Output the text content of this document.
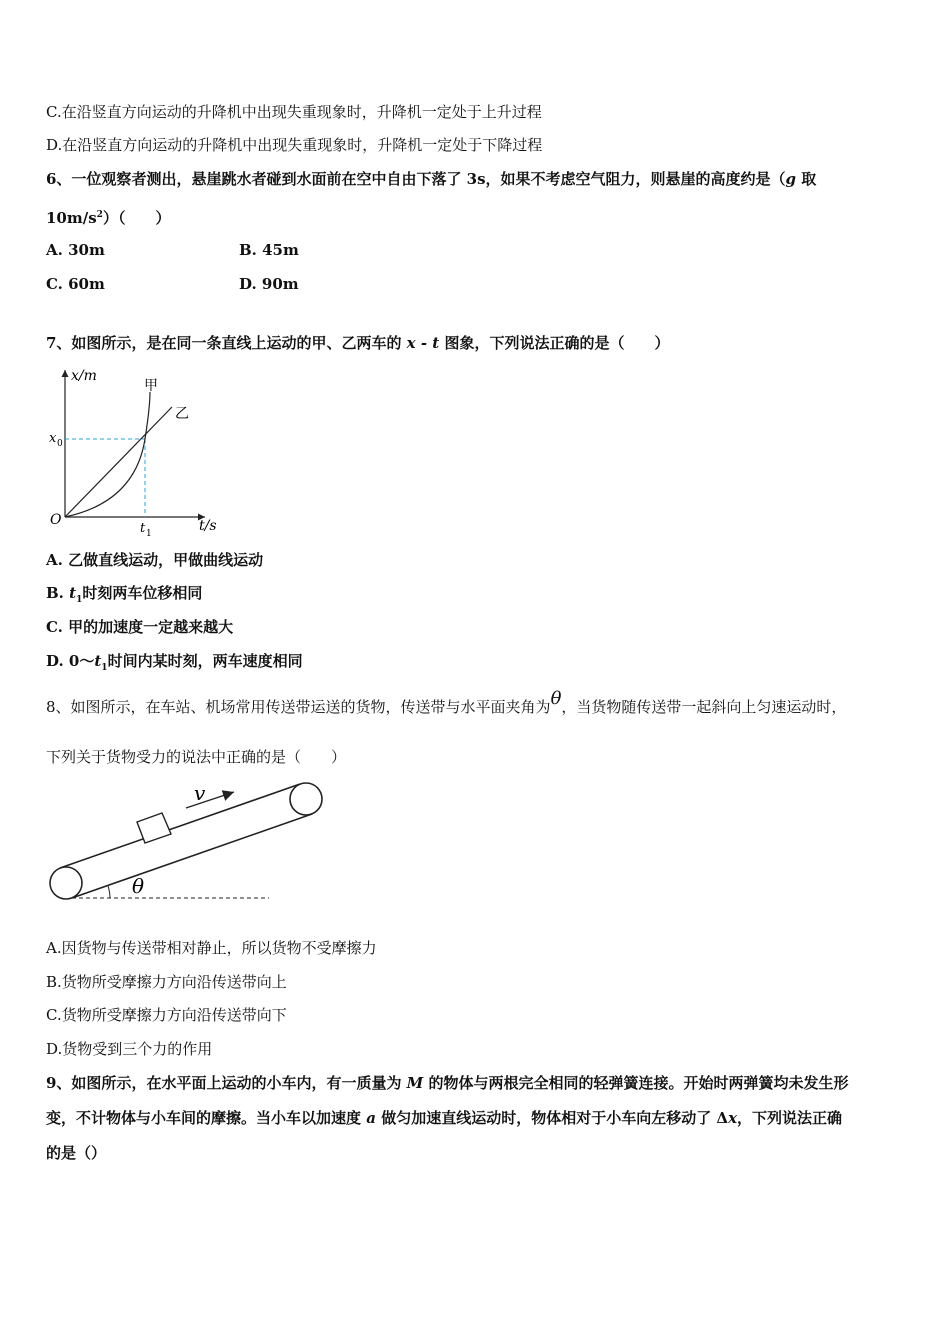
C.在沿竖直方向运动的升降机中出现失重现象时，升降机一定处于上升过程
D.在沿竖直方向运动的升降机中出现失重现象时，升降机一定处于下降过程
6、一位观察者测出，悬崖跳水者碰到水面前在空中自由下落了 3s，如果不考虑空气阻力，则悬崖的高度约是（g 取
$10m/s^2$）（　　）
A. 30m	B. 45m
C. 60m	D. 90m
7、如图所示，是在同一条直线上运动的甲、乙两车的 x - t 图象，下列说法正确的是（　　）
x/m
t/s
O
x 0
t 1
甲
乙
A. 乙做直线运动，甲做曲线运动
B. $t_1$时刻两车位移相同
C. 甲的加速度一定越来越大
D. $0\sim t_1$时间内某时刻，两车速度相同
8、如图所示，在车站、机场常用传送带运送的货物，传送带与水平面夹角为θ，当货物随传送带一起斜向上匀速运动时，
下列关于货物受力的说法中正确的是（　　）
v
θ
A.因货物与传送带相对静止，所以货物不受摩擦力
B.货物所受摩擦力方向沿传送带向上
C.货物所受摩擦力方向沿传送带向下
D.货物受到三个力的作用
9、如图所示，在水平面上运动的小车内，有一质量为 M 的物体与两根完全相同的轻弹簧连接。开始时两弹簧均未发生形
变，不计物体与小车间的摩擦。当小车以加速度 a 做匀加速直线运动时，物体相对于小车向左移动了 Δx，下列说法正确
的是（）
